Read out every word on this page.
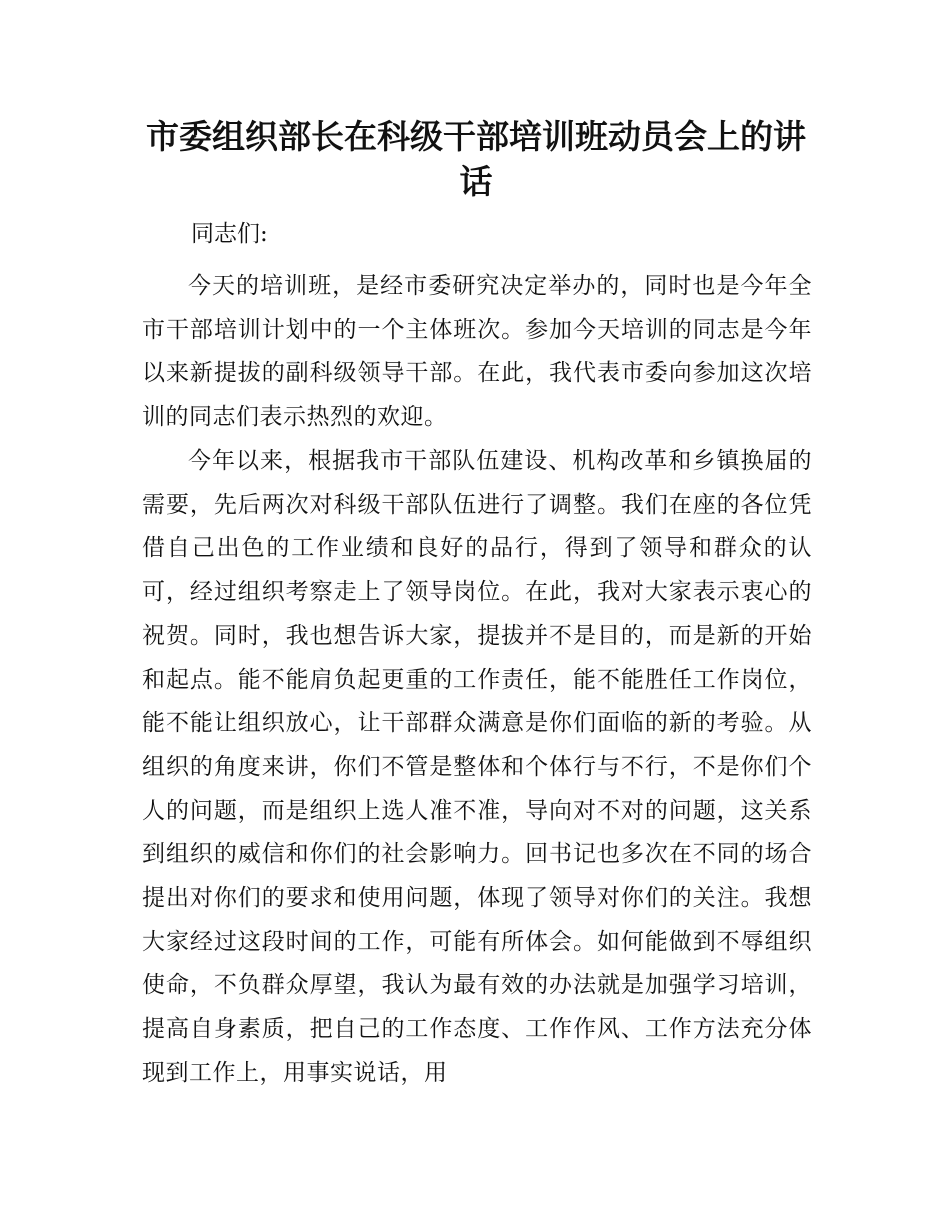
市委组织部长在科级干部培训班动员会上的讲话

同志们:

今天的培训班，是经市委研究决定举办的，同时也是今年全市干部培训计划中的一个主体班次。参加今天培训的同志是今年以来新提拔的副科级领导干部。在此，我代表市委向参加这次培训的同志们表示热烈的欢迎。

今年以来，根据我市干部队伍建设、机构改革和乡镇换届的需要，先后两次对科级干部队伍进行了调整。我们在座的各位凭借自己出色的工作业绩和良好的品行，得到了领导和群众的认可，经过组织考察走上了领导岗位。在此，我对大家表示衷心的祝贺。同时，我也想告诉大家，提拔并不是目的，而是新的开始和起点。能不能肩负起更重的工作责任，能不能胜任工作岗位，能不能让组织放心，让干部群众满意是你们面临的新的考验。从组织的角度来讲，你们不管是整体和个体行与不行，不是你们个人的问题，而是组织上选人准不准，导向对不对的问题，这关系到组织的威信和你们的社会影响力。回书记也多次在不同的场合提出对你们的要求和使用问题，体现了领导对你们的关注。我想大家经过这段时间的工作，可能有所体会。如何能做到不辱组织使命，不负群众厚望，我认为最有效的办法就是加强学习培训，提高自身素质，把自己的工作态度、工作作风、工作方法充分体现到工作上，用事实说话，用
